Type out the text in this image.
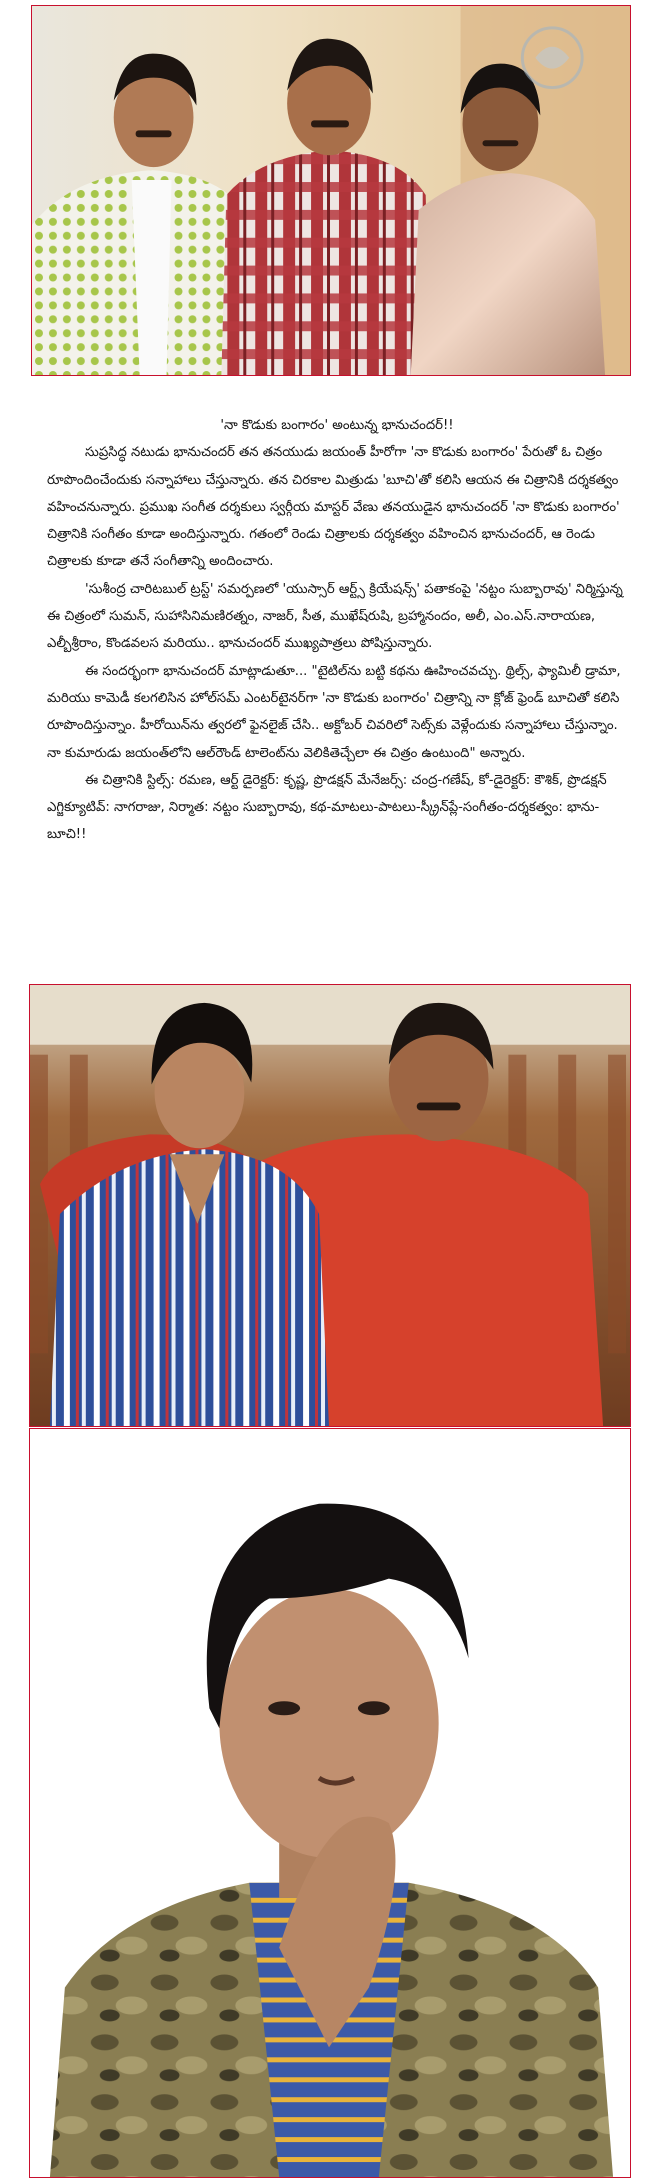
'నా కొడుకు బంగారం' అంటున్న భానుచందర్!!

సుప్రసిద్ధ నటుడు భానుచందర్ తన తనయుడు జయంత్ హీరోగా 'నా కొడుకు బంగారం' పేరుతో ఓ చిత్రం రూపొందించేందుకు సన్నాహాలు చేస్తున్నారు. తన చిరకాల మిత్రుడు 'బూచి'తో కలిసి ఆయన ఈ చిత్రానికి దర్శకత్వం వహించనున్నారు. ప్రముఖ సంగీత దర్శకులు స్వర్గీయ మాస్టర్ వేణు తనయుడైన భానుచందర్ 'నా కొడుకు బంగారం' చిత్రానికి సంగీతం కూడా అందిస్తున్నారు. గతంలో రెండు చిత్రాలకు దర్శకత్వం వహించిన భానుచందర్, ఆ రెండు చిత్రాలకు కూడా తనే సంగీతాన్ని అందించారు.

'సుశీంద్ర చారిటబుల్ ట్రస్ట్' సమర్పణలో 'యుస్సార్ ఆర్ట్స్ క్రియేషన్స్' పతాకంపై 'నట్టం సుబ్బారావు' నిర్మిస్తున్న ఈ చిత్రంలో సుమన్, సుహాసినిమణిరత్నం, నాజర్, సీత, ముఖేష్‌రుషి, బ్రహ్మానందం, అలీ, ఎం.ఎస్.నారాయణ, ఎల్బీశ్రీరాం, కొండవలస మరియు.. భానుచందర్ ముఖ్యపాత్రలు పోషిస్తున్నారు.

ఈ సందర్భంగా భానుచందర్ మాట్లాడుతూ... "టైటిల్‌ను బట్టి కథను ఊహించవచ్చు. థ్రిల్స్, ఫ్యామిలీ డ్రామా, మరియు కామెడీ కలగలిసిన హోల్‌సమ్ ఎంటర్‌టైనర్‌గా 'నా కొడుకు బంగారం' చిత్రాన్ని నా క్లోజ్ ఫ్రెండ్ బూచితో కలిసి రూపొందిస్తున్నాం. హీరోయిన్‌ను త్వరలో ఫైనలైజ్ చేసి.. అక్టోబర్ చివరిలో సెట్స్‌కు వెళ్లేందుకు సన్నాహాలు చేస్తున్నాం. నా కుమారుడు జయంత్‌లోని ఆల్‌రౌండ్ టాలెంట్‌ను వెలికితెచ్చేలా ఈ చిత్రం ఉంటుంది" అన్నారు.

ఈ చిత్రానికి స్టిల్స్: రమణ, ఆర్ట్ డైరెక్టర్: కృష్ణ, ప్రొడక్షన్ మేనేజర్స్: చంద్ర-గణేష్, కో-డైరెక్టర్: కౌశిక్, ప్రొడక్షన్ ఎగ్జిక్యూటివ్: నాగరాజు, నిర్మాత: నట్టం సుబ్బారావు, కథ-మాటలు-పాటలు-స్క్రీన్‌ప్లే-సంగీతం-దర్శకత్వం: భాను-బూచి!!
